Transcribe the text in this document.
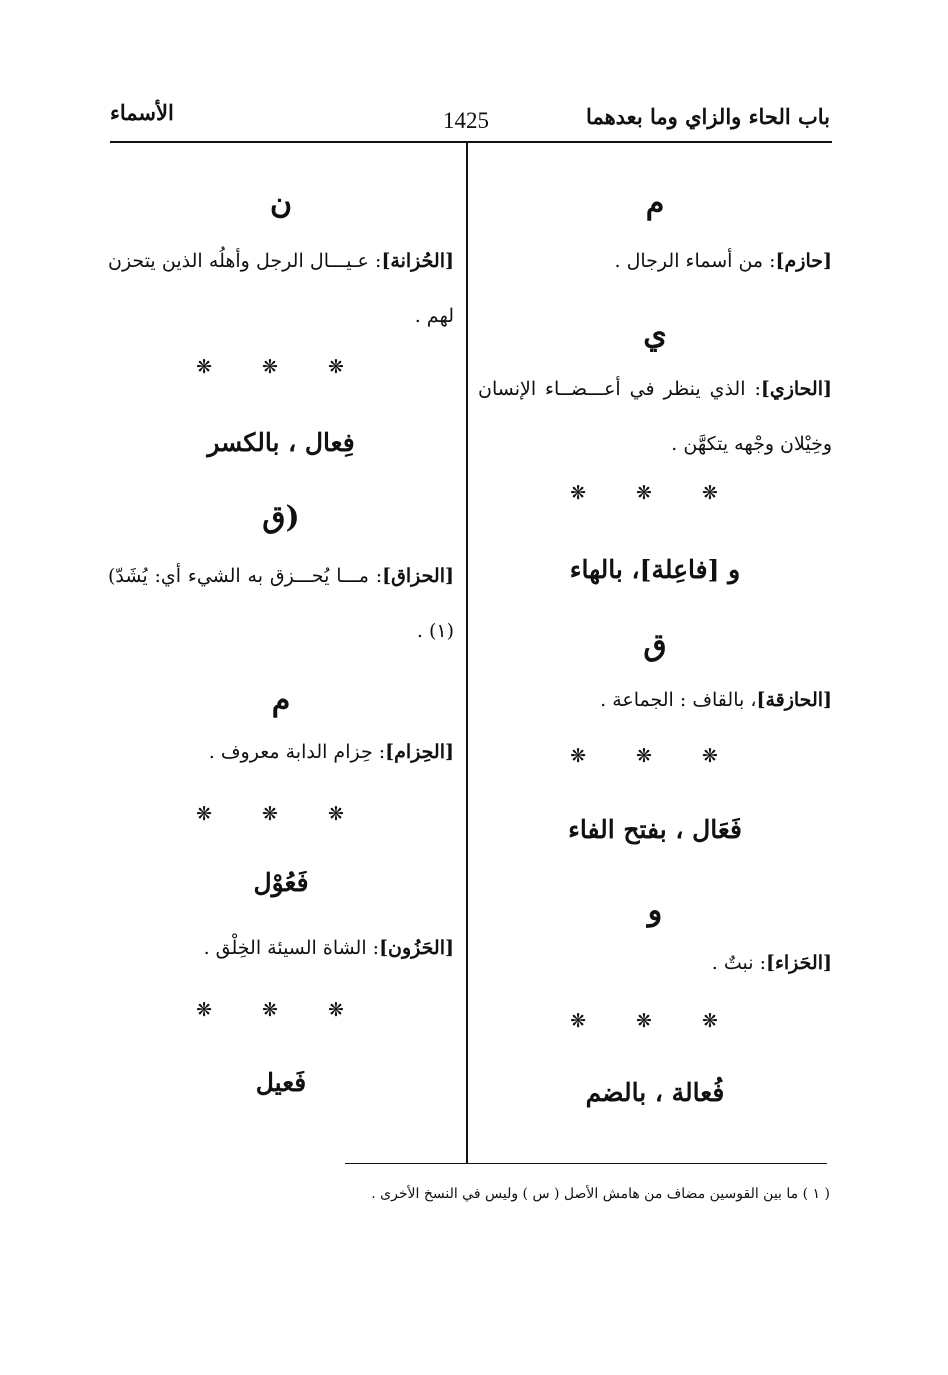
باب الحاء والزاي وما بعدهما
1425
الأسماء
م
[حازم]: من أسماء الرجال .
ي
[الحازي]: الذي ينظر في أعـــضــاء الإنسان وخِيْلان وجْهه يتكهَّن .
❋ ❋ ❋
و [فاعِلة]، بالهاء
ق
[الحازقة]، بالقاف : الجماعة .
❋ ❋ ❋
فَعَال ، بفتح الفاء
و
[الحَزاء]: نبتٌ .
❋ ❋ ❋
فُعالة ، بالضم
ن
[الحُزانة]: عـيـــال الرجل وأهلُه الذين يتحزن لهم .
❋ ❋ ❋
فِعال ، بالكسر
(ق
[الحزاق]: مـــا يُحـــزق به الشيء أي: يُشَدّ)(١) .
م
[الحِزام]: حِزام الدابة معروف .
❋ ❋ ❋
فَعُوْل
[الحَزُون]: الشاة السيئة الخِلْق .
❋ ❋ ❋
فَعيل
( ١ ) ما بين القوسين مضاف من هامش الأصل ( س ) وليس في النسخ الأخرى .
